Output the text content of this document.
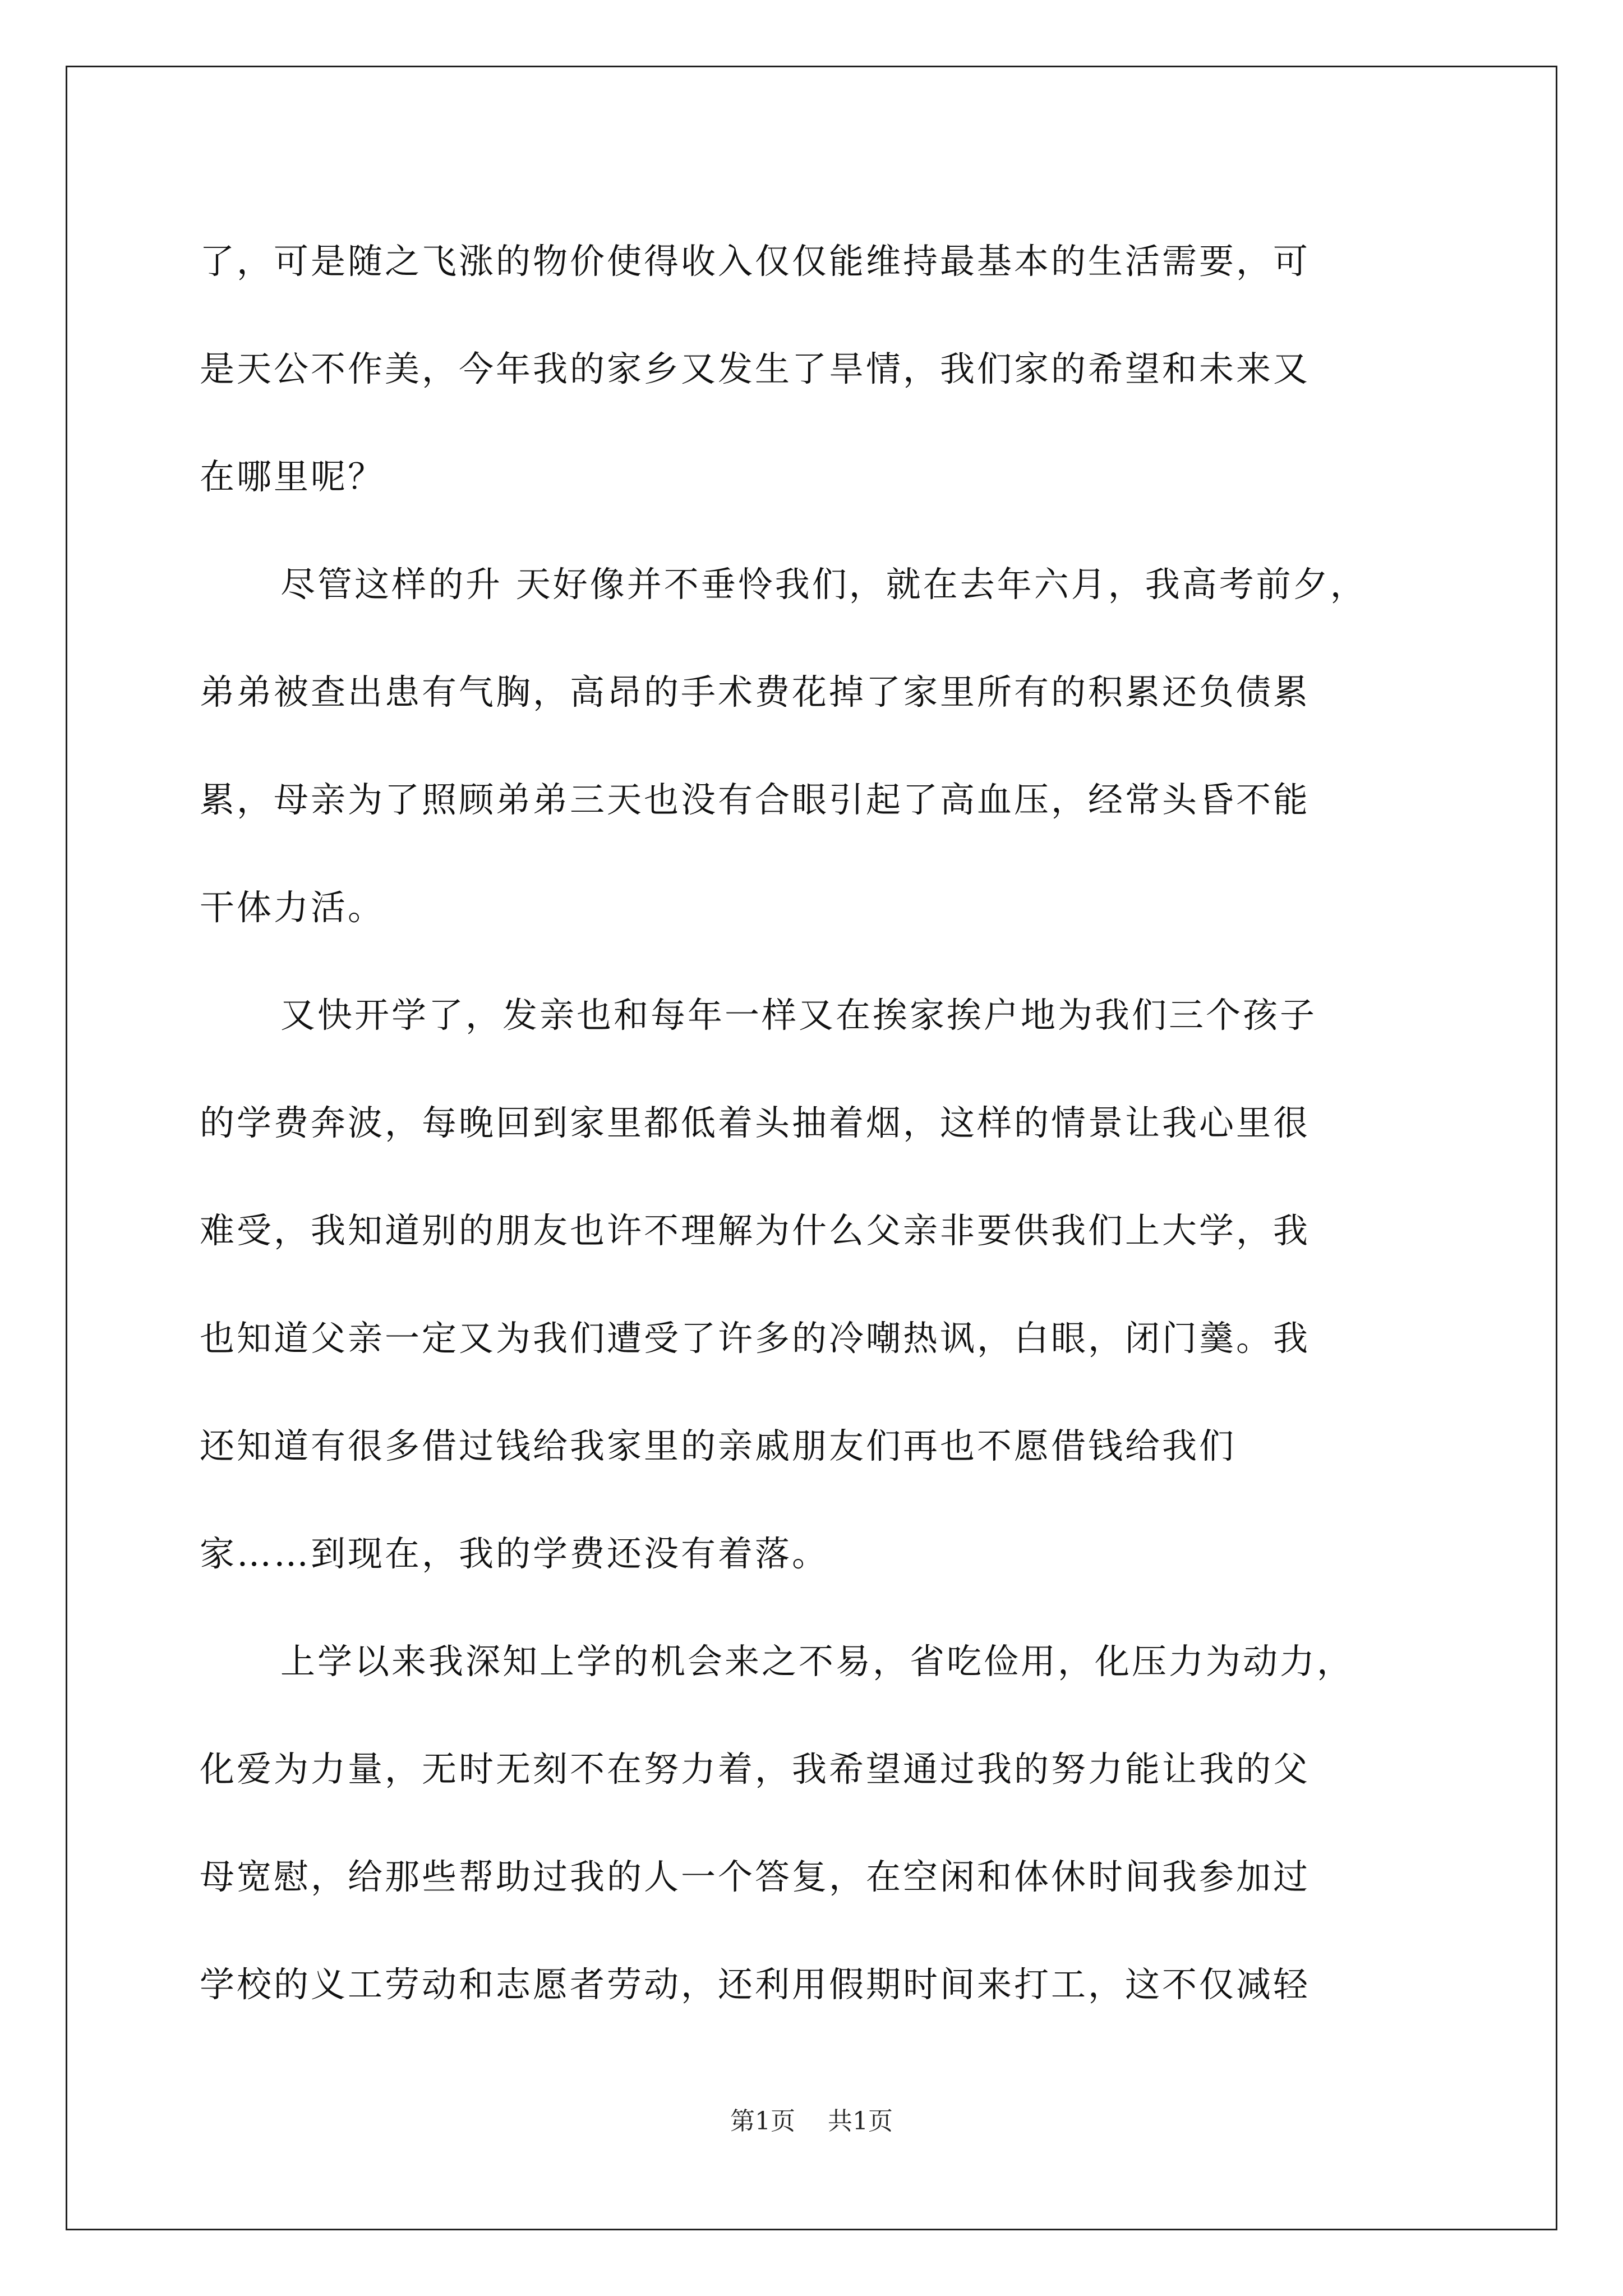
了，可是随之飞涨的物价使得收入仅仅能维持最基本的生活需要，可
是天公不作美，今年我的家乡又发生了旱情，我们家的希望和未来又
在哪里呢？

尽管这样的升 天好像并不垂怜我们，就在去年六月，我高考前夕，
弟弟被查出患有气胸，高昂的手术费花掉了家里所有的积累还负债累
累，母亲为了照顾弟弟三天也没有合眼引起了高血压，经常头昏不能
干体力活。

又快开学了，发亲也和每年一样又在挨家挨户地为我们三个孩子
的学费奔波，每晚回到家里都低着头抽着烟，这样的情景让我心里很
难受，我知道别的朋友也许不理解为什么父亲非要供我们上大学，我
也知道父亲一定又为我们遭受了许多的冷嘲热讽，白眼，闭门羹。我
还知道有很多借过钱给我家里的亲戚朋友们再也不愿借钱给我们
家……到现在，我的学费还没有着落。

上学以来我深知上学的机会来之不易，省吃俭用，化压力为动力，
化爱为力量，无时无刻不在努力着，我希望通过我的努力能让我的父
母宽慰，给那些帮助过我的人一个答复，在空闲和体休时间我参加过
学校的义工劳动和志愿者劳动，还利用假期时间来打工，这不仅减轻

第1页 共1页
